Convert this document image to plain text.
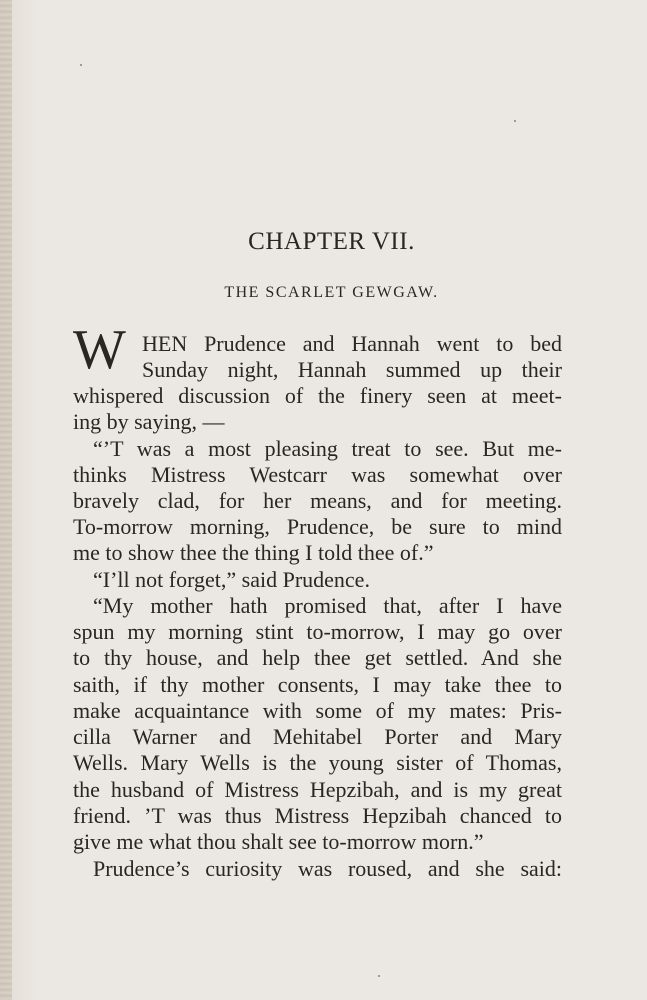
CHAPTER VII.
THE SCARLET GEWGAW.
W HEN Prudence and Hannah went to bed
Sunday night, Hannah summed up their
whispered discussion of the finery seen at meet-
ing by saying, —
“’T was a most pleasing treat to see. But me-
thinks Mistress Westcarr was somewhat over
bravely clad, for her means, and for meeting.
To-morrow morning, Prudence, be sure to mind
me to show thee the thing I told thee of.”
“I’ll not forget,” said Prudence.
“My mother hath promised that, after I have
spun my morning stint to-morrow, I may go over
to thy house, and help thee get settled. And she
saith, if thy mother consents, I may take thee to
make acquaintance with some of my mates: Pris-
cilla Warner and Mehitabel Porter and Mary
Wells. Mary Wells is the young sister of Thomas,
the husband of Mistress Hepzibah, and is my great
friend. ’T was thus Mistress Hepzibah chanced to
give me what thou shalt see to-morrow morn.”
Prudence’s curiosity was roused, and she said:
